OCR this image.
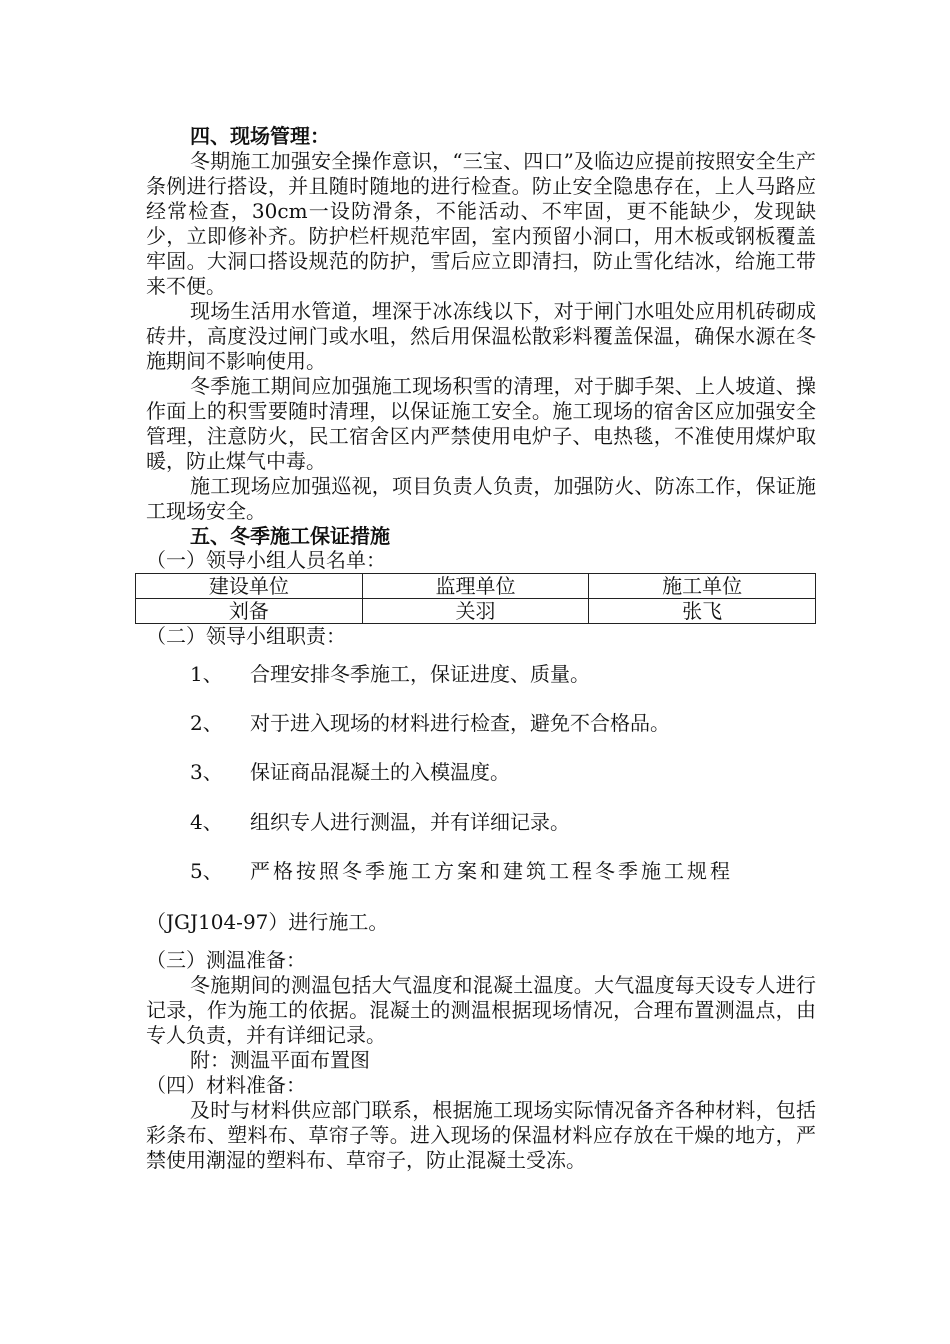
四、现场管理：

冬期施工加强安全操作意识，“三宝、四口”及临边应提前按照安全生产条例进行搭设，并且随时随地的进行检查。防止安全隐患存在，上人马路应经常检查，30cm一设防滑条，不能活动、不牢固，更不能缺少，发现缺少，立即修补齐。防护栏杆规范牢固，室内预留小洞口，用木板或钢板覆盖牢固。大洞口搭设规范的防护，雪后应立即清扫，防止雪化结冰，给施工带来不便。

现场生活用水管道，埋深于冰冻线以下，对于闸门水咀处应用机砖砌成砖井，高度没过闸门或水咀，然后用保温松散彩料覆盖保温，确保水源在冬施期间不影响使用。

冬季施工期间应加强施工现场积雪的清理，对于脚手架、上人坡道、操作面上的积雪要随时清理，以保证施工安全。施工现场的宿舍区应加强安全管理，注意防火，民工宿舍区内严禁使用电炉子、电热毯，不准使用煤炉取暖，防止煤气中毒。

施工现场应加强巡视，项目负责人负责，加强防火、防冻工作，保证施工现场安全。

五、冬季施工保证措施
（一）领导小组人员名单：
建设单位	监理单位	施工单位
刘备	关羽	张飞
（二）领导小组职责：
1、 合理安排冬季施工，保证进度、质量。
2、 对于进入现场的材料进行检查，避免不合格品。
3、 保证商品混凝土的入模温度。
4、 组织专人进行测温，并有详细记录。
5、 严格按照冬季施工方案和建筑工程冬季施工规程
（JGJ104-97）进行施工。
（三）测温准备：

冬施期间的测温包括大气温度和混凝土温度。大气温度每天设专人进行记录，作为施工的依据。混凝土的测温根据现场情况，合理布置测温点，由专人负责，并有详细记录。

附：测温平面布置图
（四）材料准备：

及时与材料供应部门联系，根据施工现场实际情况备齐各种材料，包括彩条布、塑料布、草帘子等。进入现场的保温材料应存放在干燥的地方，严禁使用潮湿的塑料布、草帘子，防止混凝土受冻。
